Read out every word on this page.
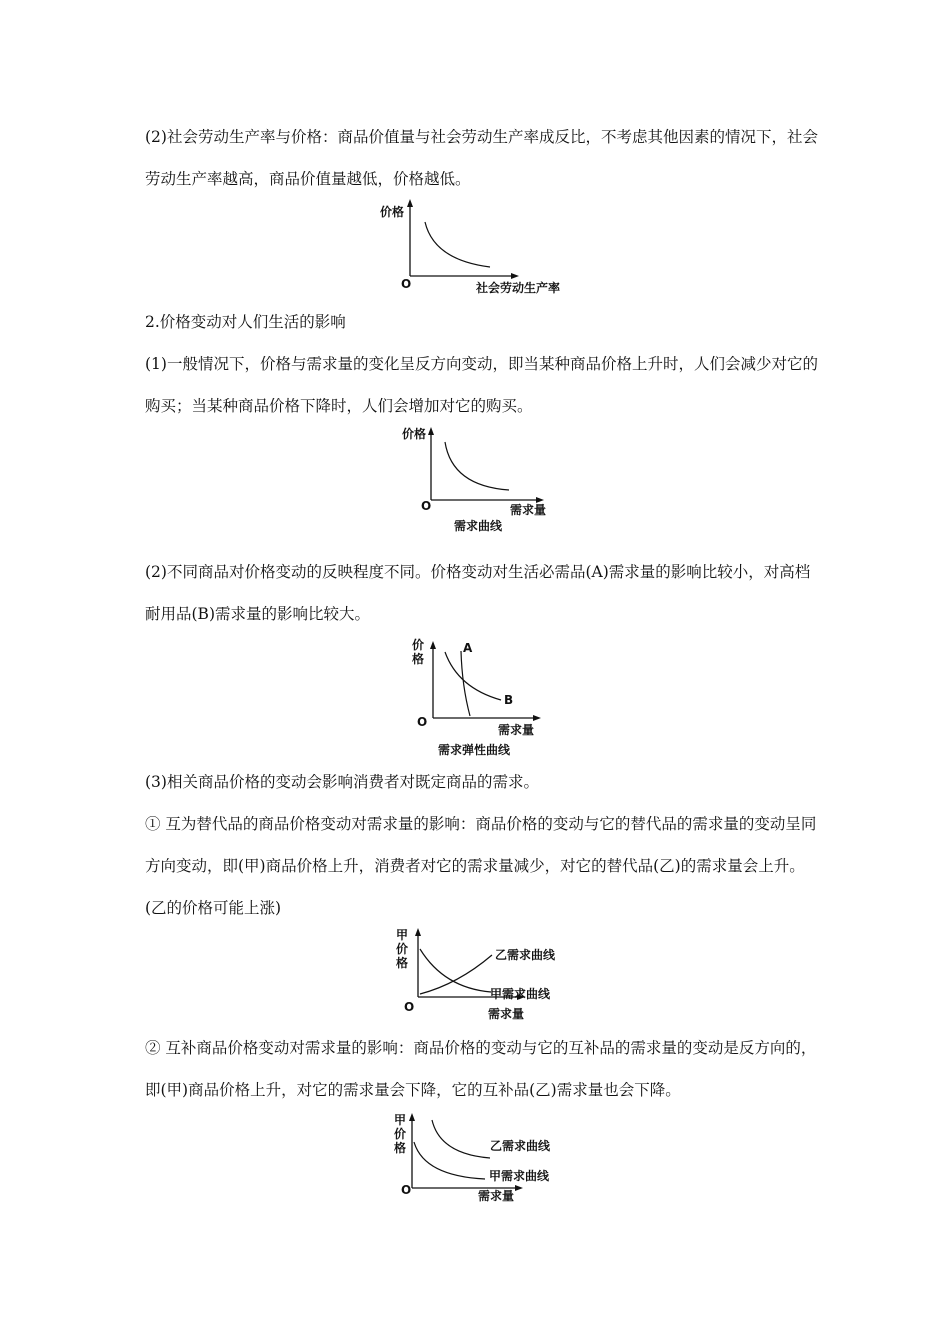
(2)社会劳动生产率与价格：商品价值量与社会劳动生产率成反比，不考虑其他因素的情况下，社会劳动生产率越高，商品价值量越低，价格越低。

价格
O	社会劳动生产率

2.价格变动对人们生活的影响

(1)一般情况下，价格与需求量的变化呈反方向变动，即当某种商品价格上升时，人们会减少对它的购买；当某种商品价格下降时，人们会增加对它的购买。

价格
O	需求量
需求曲线

(2)不同商品对价格变动的反映程度不同。价格变动对生活必需品(A)需求量的影响比较小，对高档耐用品(B)需求量的影响比较大。

价
格
A
B
O
需求量
需求弹性曲线

(3)相关商品价格的变动会影响消费者对既定商品的需求。

① 互为替代品的商品价格变动对需求量的影响：商品价格的变动与它的替代品的需求量的变动呈同方向变动，即(甲)商品价格上升，消费者对它的需求量减少，对它的替代品(乙)的需求量会上升。(乙的价格可能上涨)

甲
价
格
乙需求曲线
甲需求曲线
O	需求量

② 互补商品价格变动对需求量的影响：商品价格的变动与它的互补品的需求量的变动是反方向的，即(甲)商品价格上升，对它的需求量会下降，它的互补品(乙)需求量也会下降。

甲
价
格	乙需求曲线
甲需求曲线
O	需求量
